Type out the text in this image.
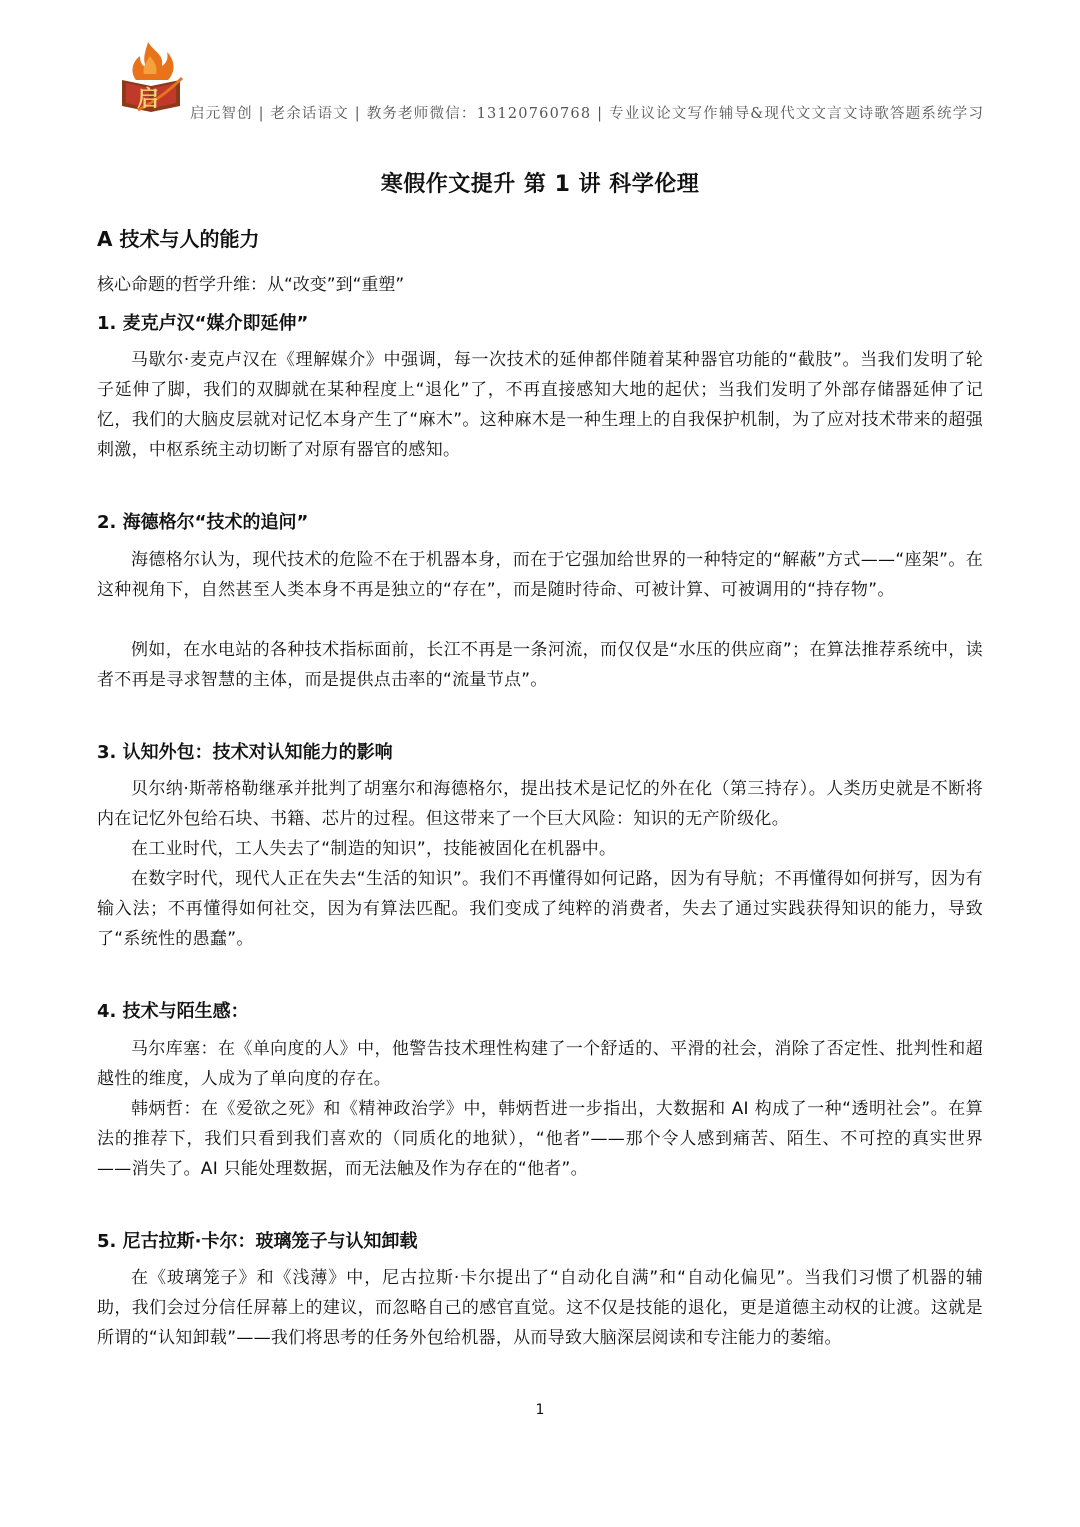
启
启元智创 | 老余话语文 | 教务老师微信：13120760768 | 专业议论文写作辅导&现代文文言文诗歌答题系统学习
寒假作文提升 第 1 讲 科学伦理
A 技术与人的能力
核心命题的哲学升维：从“改变”到“重塑”
1. 麦克卢汉“媒介即延伸”

马歇尔·麦克卢汉在《理解媒介》中强调，每一次技术的延伸都伴随着某种器官功能的“截肢”。当我们发明了轮子延伸了脚，我们的双脚就在某种程度上“退化”了，不再直接感知大地的起伏；当我们发明了外部存储器延伸了记忆，我们的大脑皮层就对记忆本身产生了“麻木”。这种麻木是一种生理上的自我保护机制，为了应对技术带来的超强刺激，中枢系统主动切断了对原有器官的感知。

2. 海德格尔“技术的追问”

海德格尔认为，现代技术的危险不在于机器本身，而在于它强加给世界的一种特定的“解蔽”方式——“座架”。在这种视角下，自然甚至人类本身不再是独立的“存在”，而是随时待命、可被计算、可被调用的“持存物”。

例如，在水电站的各种技术指标面前，长江不再是一条河流，而仅仅是“水压的供应商”；在算法推荐系统中，读者不再是寻求智慧的主体，而是提供点击率的“流量节点”。

3. 认知外包：技术对认知能力的影响

贝尔纳·斯蒂格勒继承并批判了胡塞尔和海德格尔，提出技术是记忆的外在化（第三持存）。人类历史就是不断将内在记忆外包给石块、书籍、芯片的过程。但这带来了一个巨大风险：知识的无产阶级化。

在工业时代，工人失去了“制造的知识”，技能被固化在机器中。

在数字时代，现代人正在失去“生活的知识”。我们不再懂得如何记路，因为有导航；不再懂得如何拼写，因为有输入法；不再懂得如何社交，因为有算法匹配。我们变成了纯粹的消费者，失去了通过实践获得知识的能力，导致了“系统性的愚蠢”。

4. 技术与陌生感：

马尔库塞：在《单向度的人》中，他警告技术理性构建了一个舒适的、平滑的社会，消除了否定性、批判性和超越性的维度，人成为了单向度的存在。

韩炳哲：在《爱欲之死》和《精神政治学》中，韩炳哲进一步指出，大数据和 AI 构成了一种“透明社会”。在算法的推荐下，我们只看到我们喜欢的（同质化的地狱），“他者”——那个令人感到痛苦、陌生、不可控的真实世界——消失了。AI 只能处理数据，而无法触及作为存在的“他者”。

5. 尼古拉斯·卡尔：玻璃笼子与认知卸载

在《玻璃笼子》和《浅薄》中，尼古拉斯·卡尔提出了“自动化自满”和“自动化偏见”。当我们习惯了机器的辅助，我们会过分信任屏幕上的建议，而忽略自己的感官直觉。这不仅是技能的退化，更是道德主动权的让渡。这就是所谓的“认知卸载”——我们将思考的任务外包给机器，从而导致大脑深层阅读和专注能力的萎缩。

1
